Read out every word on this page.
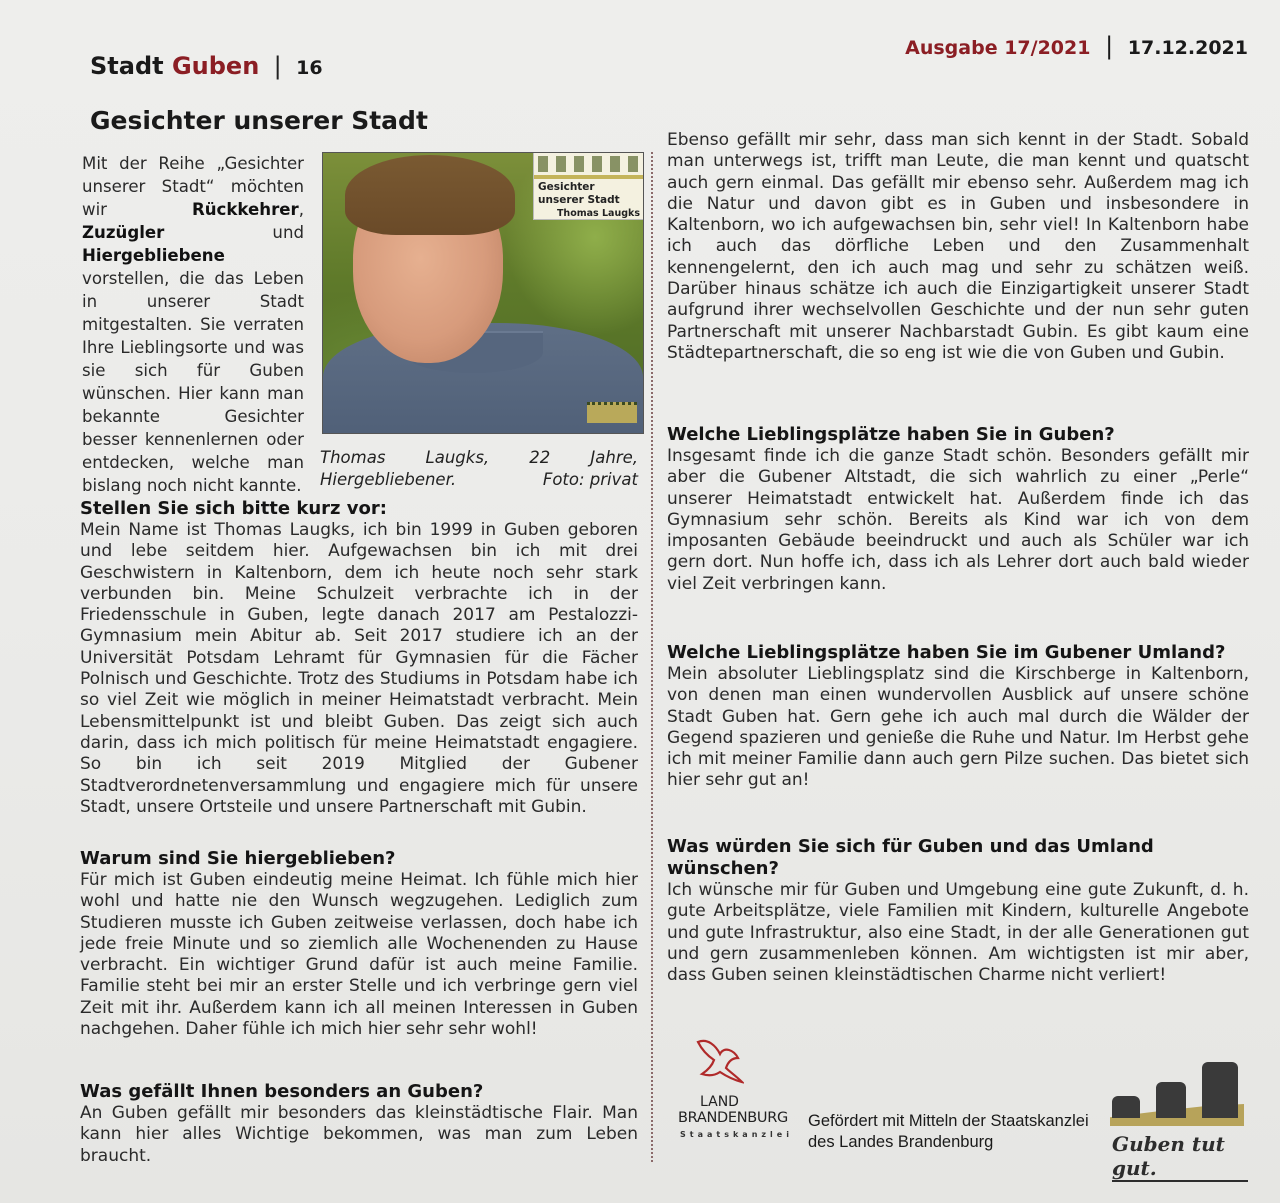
Stadt Guben | 16
Ausgabe 17/2021 | 17.12.2021
Gesichter unserer Stadt

Mit der Reihe „Gesichter unserer Stadt“ möchten wir Rückkehrer, Zuzügler und Hiergebliebene vorstellen, die das Leben in unserer Stadt mitgestalten. Sie verraten Ihre Lieblingsorte und was sie sich für Guben wünschen. Hier kann man bekannte Gesichter besser kennenlernen oder entdecken, welche man bislang noch nicht kannte.

Gesichter unserer Stadt
Thomas Laugks

Thomas Laugks, 22 Jahre, Hiergebliebener.	Foto: privat

Stellen Sie sich bitte kurz vor:

Mein Name ist Thomas Laugks, ich bin 1999 in Guben geboren und lebe seitdem hier. Aufgewachsen bin ich mit drei Geschwistern in Kaltenborn, dem ich heute noch sehr stark verbunden bin. Meine Schulzeit verbrachte ich in der Friedensschule in Guben, legte danach 2017 am Pestalozzi-Gymnasium mein Abitur ab. Seit 2017 studiere ich an der Universität Potsdam Lehramt für Gymnasien für die Fächer Polnisch und Geschichte. Trotz des Studiums in Potsdam habe ich so viel Zeit wie möglich in meiner Heimatstadt verbracht. Mein Lebensmittelpunkt ist und bleibt Guben. Das zeigt sich auch darin, dass ich mich politisch für meine Heimatstadt engagiere. So bin ich seit 2019 Mitglied der Gubener Stadtverordnetenversammlung und engagiere mich für unsere Stadt, unsere Ortsteile und unsere Partnerschaft mit Gubin.

Warum sind Sie hiergeblieben?

Für mich ist Guben eindeutig meine Heimat. Ich fühle mich hier wohl und hatte nie den Wunsch wegzugehen. Lediglich zum Studieren musste ich Guben zeitweise verlassen, doch habe ich jede freie Minute und so ziemlich alle Wochenenden zu Hause verbracht. Ein wichtiger Grund dafür ist auch meine Familie. Familie steht bei mir an erster Stelle und ich verbringe gern viel Zeit mit ihr. Außerdem kann ich all meinen Interessen in Guben nachgehen. Daher fühle ich mich hier sehr sehr wohl!

Was gefällt Ihnen besonders an Guben?

An Guben gefällt mir besonders das kleinstädtische Flair. Man kann hier alles Wichtige bekommen, was man zum Leben braucht.

Ebenso gefällt mir sehr, dass man sich kennt in der Stadt. Sobald man unterwegs ist, trifft man Leute, die man kennt und quatscht auch gern einmal. Das gefällt mir ebenso sehr. Außerdem mag ich die Natur und davon gibt es in Guben und insbesondere in Kaltenborn, wo ich aufgewachsen bin, sehr viel! In Kaltenborn habe ich auch das dörfliche Leben und den Zusammenhalt kennengelernt, den ich auch mag und sehr zu schätzen weiß. Darüber hinaus schätze ich auch die Einzigartigkeit unserer Stadt aufgrund ihrer wechselvollen Geschichte und der nun sehr guten Partnerschaft mit unserer Nachbarstadt Gubin. Es gibt kaum eine Städtepartnerschaft, die so eng ist wie die von Guben und Gubin.

Welche Lieblingsplätze haben Sie in Guben?

Insgesamt finde ich die ganze Stadt schön. Besonders gefällt mir aber die Gubener Altstadt, die sich wahrlich zu einer „Perle“ unserer Heimatstadt entwickelt hat. Außerdem finde ich das Gymnasium sehr schön. Bereits als Kind war ich von dem imposanten Gebäude beeindruckt und auch als Schüler war ich gern dort. Nun hoffe ich, dass ich als Lehrer dort auch bald wieder viel Zeit verbringen kann.

Welche Lieblingsplätze haben Sie im Gubener Umland?

Mein absoluter Lieblingsplatz sind die Kirschberge in Kaltenborn, von denen man einen wundervollen Ausblick auf unsere schöne Stadt Guben hat. Gern gehe ich auch mal durch die Wälder der Gegend spazieren und genieße die Ruhe und Natur. Im Herbst gehe ich mit meiner Familie dann auch gern Pilze suchen. Das bietet sich hier sehr gut an!

Was würden Sie sich für Guben und das Umland wünschen?

Ich wünsche mir für Guben und Umgebung eine gute Zukunft, d. h. gute Arbeitsplätze, viele Familien mit Kindern, kulturelle Angebote und gute Infrastruktur, also eine Stadt, in der alle Generationen gut und gern zusammenleben können. Am wichtigsten ist mir aber, dass Guben seinen kleinstädtischen Charme nicht verliert!

LAND
BRANDENBURG
Staatskanzlei
Gefördert mit Mitteln der Staatskanzlei
des Landes Brandenburg	Guben tut gut.
